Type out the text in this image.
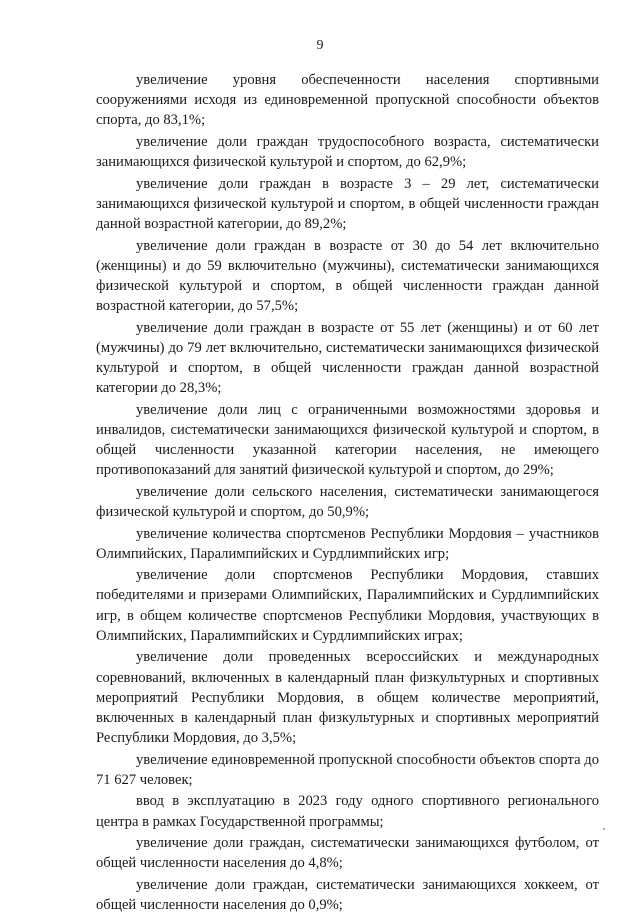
9

увеличение уровня обеспеченности населения спортивными сооружениями исходя из единовременной пропускной способности объектов спорта, до 83,1%;

увеличение доли граждан трудоспособного возраста, систематически занимающихся физической культурой и спортом, до 62,9%;

увеличение доли граждан в возрасте 3 – 29 лет, систематически занимающихся физической культурой и спортом, в общей численности граждан данной возрастной категории, до 89,2%;

увеличение доли граждан в возрасте от 30 до 54 лет включительно (женщины) и до 59 включительно (мужчины), систематически занимающихся физической культурой и спортом, в общей численности граждан данной возрастной категории, до 57,5%;

увеличение доли граждан в возрасте от 55 лет (женщины) и от 60 лет (мужчины) до 79 лет включительно, систематически занимающихся физической культурой и спортом, в общей численности граждан данной возрастной категории до 28,3%;

увеличение доли лиц с ограниченными возможностями здоровья и инвалидов, систематически занимающихся физической культурой и спортом, в общей численности указанной категории населения, не имеющего противопоказаний для занятий физической культурой и спортом, до 29%;

увеличение доли сельского населения, систематически занимающегося физической культурой и спортом, до 50,9%;

увеличение количества спортсменов Республики Мордовия – участников Олимпийских, Паралимпийских и Сурдлимпийских игр;

увеличение доли спортсменов Республики Мордовия, ставших победителями и призерами Олимпийских, Паралимпийских и Сурдлимпийских игр, в общем количестве спортсменов Республики Мордовия, участвующих в Олимпийских, Паралимпийских и Сурдлимпийских играх;

увеличение доли проведенных всероссийских и международных соревнований, включенных в календарный план физкультурных и спортивных мероприятий Республики Мордовия, в общем количестве мероприятий, включенных в календарный план физкультурных и спортивных мероприятий Республики Мордовия, до 3,5%;

увеличение единовременной пропускной способности объектов спорта до 71 627 человек;

ввод в эксплуатацию в 2023 году одного спортивного регионального центра в рамках Государственной программы;

увеличение доли граждан, систематически занимающихся футболом, от общей численности населения до 4,8%;

увеличение доли граждан, систематически занимающихся хоккеем, от общей численности населения до 0,9%;
